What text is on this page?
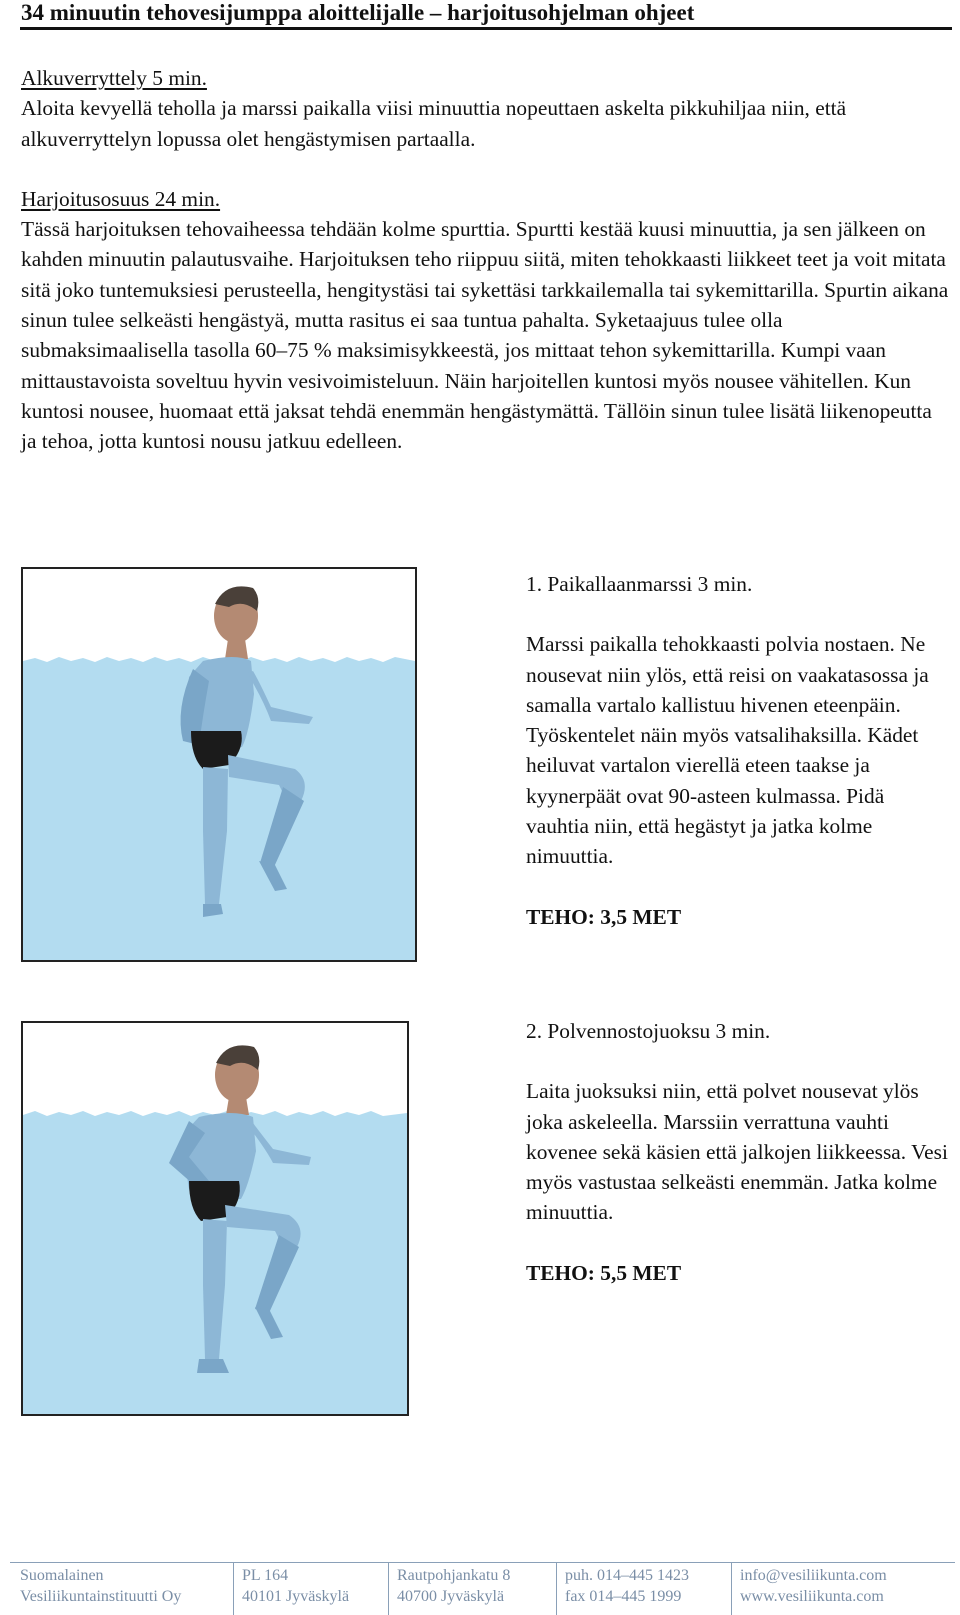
34 minuutin tehovesijumppa aloittelijalle – harjoitusohjelman ohjeet

Alkuverryttely 5 min.

Aloita kevyellä teholla ja marssi paikalla viisi minuuttia nopeuttaen askelta pikkuhiljaa niin, että alkuverryttelyn lopussa olet hengästymisen partaalla.

Harjoitusosuus 24 min.

Tässä harjoituksen tehovaiheessa tehdään kolme spurttia. Spurtti kestää kuusi minuuttia, ja sen jälkeen on kahden minuutin palautusvaihe. Harjoituksen teho riippuu siitä, miten tehokkaasti liikkeet teet ja voit mitata sitä joko tuntemuksiesi perusteella, hengitystäsi tai sykettäsi tarkkailemalla tai sykemittarilla. Spurtin aikana sinun tulee selkeästi hengästyä, mutta rasitus ei saa tuntua pahalta. Syketaajuus tulee olla submaksimaalisella tasolla 60–75 % maksimisykkeestä, jos mittaat tehon sykemittarilla. Kumpi vaan mittaustavoista soveltuu hyvin vesivoimisteluun. Näin harjoitellen kuntosi myös nousee vähitellen. Kun kuntosi nousee, huomaat että jaksat tehdä enemmän hengästymättä. Tällöin sinun tulee lisätä liikenopeutta ja tehoa, jotta kuntosi nousu jatkuu edelleen.

1. Paikallaanmarssi 3 min.

Marssi paikalla tehokkaasti polvia nostaen. Ne nousevat niin ylös, että reisi on vaakatasossa ja samalla vartalo kallistuu hivenen eteenpäin. Työskentelet näin myös vatsalihaksilla. Kädet heiluvat vartalon vierellä eteen taakse ja kyynerpäät ovat 90-asteen kulmassa. Pidä vauhtia niin, että hegästyt ja jatka kolme nimuuttia.

TEHO: 3,5 MET

2. Polvennostojuoksu 3 min.

Laita juoksuksi niin, että polvet nousevat ylös joka askeleella. Marssiin verrattuna vauhti kovenee sekä käsien että jalkojen liikkeessa. Vesi myös vastustaa selkeästi enemmän. Jatka kolme minuuttia.

TEHO: 5,5 MET

Suomalainen
Vesiliikuntainstituutti Oy
PL 164
40101 Jyväskylä
Rautpohjankatu 8
40700 Jyväskylä
puh. 014–445 1423
fax 014–445 1999
info@vesiliikunta.com
www.vesiliikunta.com
